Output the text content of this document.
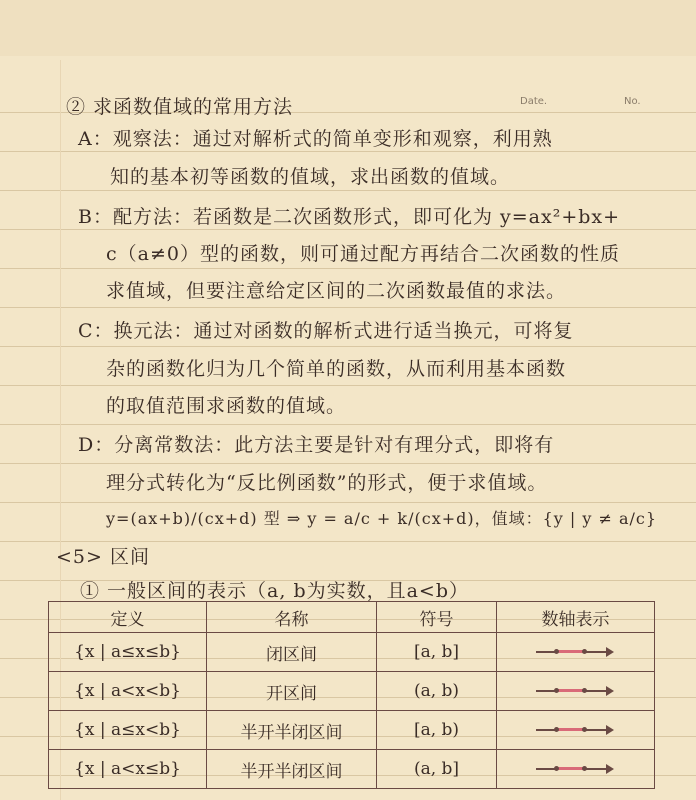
② 求函数值域的常用方法	Date.	No.
A：观察法：通过对解析式的简单变形和观察，利用熟
知的基本初等函数的值域，求出函数的值域。
B：配方法：若函数是二次函数形式，即可化为 y=ax²+bx+
c（a≠0）型的函数，则可通过配方再结合二次函数的性质
求值域，但要注意给定区间的二次函数最值的求法。
C：换元法：通过对函数的解析式进行适当换元，可将复
杂的函数化归为几个简单的函数，从而利用基本函数
的取值范围求函数的值域。
D：分离常数法：此方法主要是针对有理分式，即将有
理分式转化为“反比例函数”的形式，便于求值域。
y=(ax+b)/(cx+d) 型 ⇒ y = a/c + k/(cx+d)，值域：{y | y ≠ a/c}
<5> 区间
① 一般区间的表示（a, b为实数，且a<b）
定义	名称	符号	数轴表示
{x | a≤x≤b}	闭区间	[a, b]	

{x | a<x<b}	开区间	(a, b)	

{x | a≤x<b}	半开半闭区间	[a, b)	

{x | a<x≤b}	半开半闭区间	(a, b]	
